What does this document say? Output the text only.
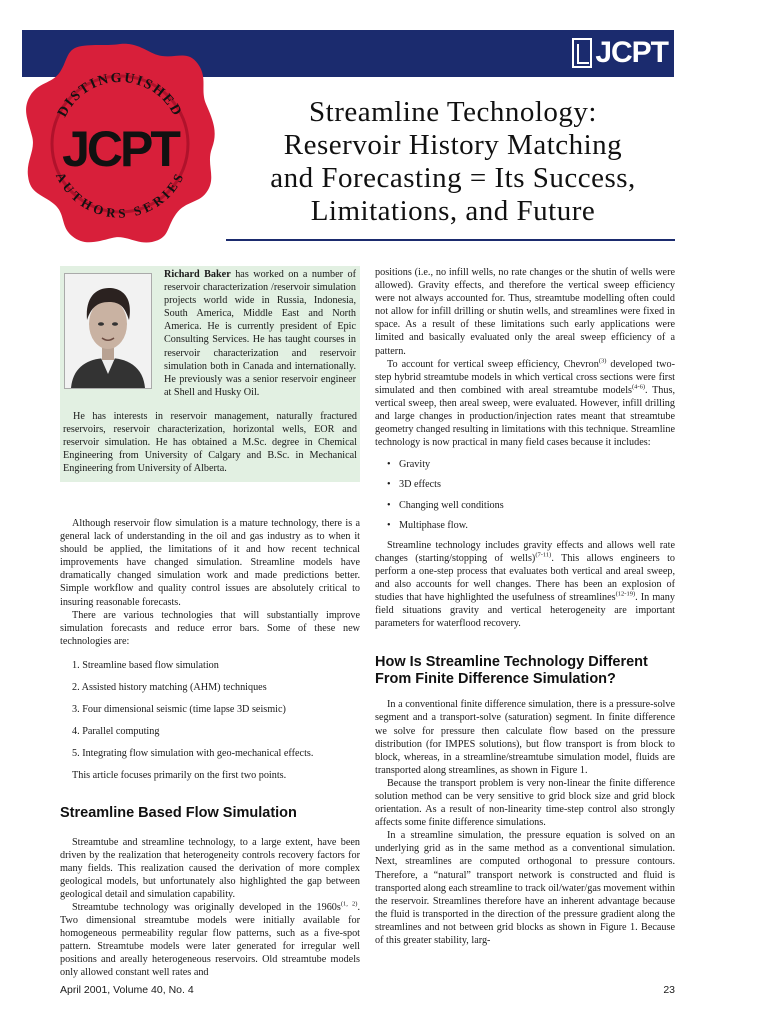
JCPT
DISTINGUISHED
AUTHORS SERIES
JCPT
Streamline Technology:
Reservoir History Matching
and Forecasting = Its Success,
Limitations, and Future
Richard Baker has worked on a number of reservoir characterization /reservoir simulation projects world wide in Russia, Indonesia, South America, Middle East and North America. He is currently president of Epic Consulting Services. He has taught courses in reservoir characterization and reservoir simulation both in Canada and internationally. He previously was a senior reservoir engineer at Shell and Husky Oil.
He has interests in reservoir management, naturally fractured reservoirs, reservoir characterization, horizontal wells, EOR and reservoir simulation. He has obtained a M.Sc. degree in Chemical Engineering from University of Calgary and B.Sc. in Mechanical Engineering from University of Alberta.

Although reservoir flow simulation is a mature technology, there is a general lack of understanding in the oil and gas industry as to when it should be applied, the limitations of it and how recent technical improvements have changed simulation. Streamline models have dramatically changed simulation work and made predictions better. Simple workflow and quality control issues are absolutely critical to insuring reasonable forecasts.

There are various technologies that will substantially improve simulation forecasts and reduce error bars. Some of these new technologies are:

1. Streamline based flow simulation
2. Assisted history matching (AHM) techniques
3. Four dimensional seismic (time lapse 3D seismic)
4. Parallel computing
5. Integrating flow simulation with geo-mechanical effects.

This article focuses primarily on the first two points.

Streamline Based Flow Simulation

Streamtube and streamline technology, to a large extent, have been driven by the realization that heterogeneity controls recovery factors for many fields. This realization caused the derivation of more complex geological models, but unfortunately also highlighted the gap between geological detail and simulation capability.

Streamtube technology was originally developed in the $1960s^{(1, 2)}$. Two dimensional streamtube models were initially available for homogeneous permeability regular flow patterns, such as a five-spot pattern. Streamtube models were later generated for irregular well positions and areally heterogeneous reservoirs. Old streamtube models only allowed constant well rates and

positions (i.e., no infill wells, no rate changes or the shutin of wells were allowed). Gravity effects, and therefore the vertical sweep efficiency were not always accounted for. Thus, streamtube modelling often could not allow for infill drilling or shutin wells, and streamlines were fixed in space. As a result of these limitations such early applications were limited and basically evaluated only the areal sweep efficiency of a pattern.

To account for vertical sweep efficiency, Chevron$^{(3)}$ developed two-step hybrid streamtube models in which vertical cross sections were first simulated and then combined with areal streamtube models$^{(4-6)}$. Thus, vertical sweep, then areal sweep, were evaluated. However, infill drilling and large changes in production/injection rates meant that streamtube geometry changed resulting in limitations with this technique. Streamline technology is now practical in many field cases because it includes:

• Gravity
• 3D effects
• Changing well conditions
• Multiphase flow.

Streamline technology includes gravity effects and allows well rate changes (starting/stopping of wells)$^{(7-11)}$. This allows engineers to perform a one-step process that evaluates both vertical and areal sweep, and also accounts for well changes. There has been an explosion of studies that have highlighted the usefulness of streamlines$^{(12-19)}$. In many field situations gravity and vertical heterogeneity are important parameters for waterflood recovery.

How Is Streamline Technology Different
From Finite Difference Simulation?

In a conventional finite difference simulation, there is a pressure-solve segment and a transport-solve (saturation) segment. In finite difference we solve for pressure then calculate flow based on the pressure distribution (for IMPES solutions), but flow transport is from block to block, whereas, in a streamline/streamtube simulation model, fluids are transported along streamlines, as shown in Figure 1.

Because the transport problem is very non-linear the finite difference solution method can be very sensitive to grid block size and grid block orientation. As a result of non-linearity time-step control also strongly affects some finite difference simulations.

In a streamline simulation, the pressure equation is solved on an underlying grid as in the same method as a conventional simulation. Next, streamlines are computed orthogonal to pressure contours. Therefore, a “natural” transport network is constructed and fluid is transported along each streamline to track oil/water/gas movement within the reservoir. Streamlines therefore have an inherent advantage because the fluid is transported in the direction of the pressure gradient along the streamlines and not between grid blocks as shown in Figure 1. Because of this greater stability, larg-

April 2001, Volume 40, No. 4	23
